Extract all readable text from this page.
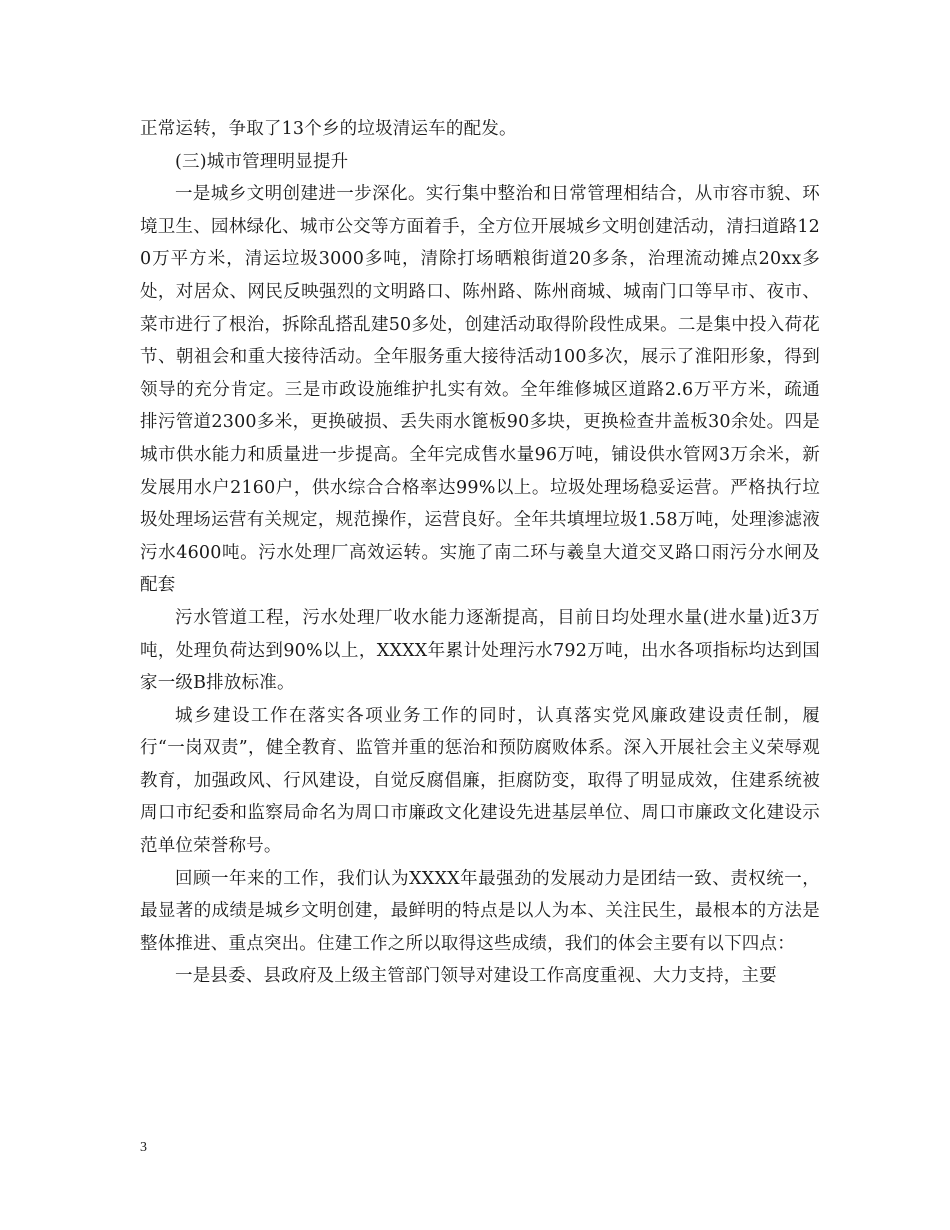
正常运转，争取了13个乡的垃圾清运车的配发。

(三)城市管理明显提升

一是城乡文明创建进一步深化。实行集中整治和日常管理相结合，从市容市貌、环境卫生、园林绿化、城市公交等方面着手，全方位开展城乡文明创建活动，清扫道路120万平方米，清运垃圾3000多吨，清除打场晒粮街道20多条，治理流动摊点20xx多处，对居众、网民反映强烈的文明路口、陈州路、陈州商城、城南门口等早市、夜市、菜市进行了根治，拆除乱搭乱建50多处，创建活动取得阶段性成果。二是集中投入荷花节、朝祖会和重大接待活动。全年服务重大接待活动100多次，展示了淮阳形象，得到领导的充分肯定。三是市政设施维护扎实有效。全年维修城区道路2.6万平方米，疏通排污管道2300多米，更换破损、丢失雨水篦板90多块，更换检查井盖板30余处。四是城市供水能力和质量进一步提高。全年完成售水量96万吨，铺设供水管网3万余米，新发展用水户2160户，供水综合合格率达99%以上。垃圾处理场稳妥运营。严格执行垃圾处理场运营有关规定，规范操作，运营良好。全年共填埋垃圾1.58万吨，处理渗滤液污水4600吨。污水处理厂高效运转。实施了南二环与羲皇大道交叉路口雨污分水闸及配套

污水管道工程，污水处理厂收水能力逐渐提高，目前日均处理水量(进水量)近3万吨，处理负荷达到90%以上，XXXX年累计处理污水792万吨，出水各项指标均达到国家一级B排放标准。

城乡建设工作在落实各项业务工作的同时，认真落实党风廉政建设责任制，履行“一岗双责”，健全教育、监管并重的惩治和预防腐败体系。深入开展社会主义荣辱观教育，加强政风、行风建设，自觉反腐倡廉，拒腐防变，取得了明显成效，住建系统被周口市纪委和监察局命名为周口市廉政文化建设先进基层单位、周口市廉政文化建设示范单位荣誉称号。

回顾一年来的工作，我们认为XXXX年最强劲的发展动力是团结一致、责权统一，最显著的成绩是城乡文明创建，最鲜明的特点是以人为本、关注民生，最根本的方法是整体推进、重点突出。住建工作之所以取得这些成绩，我们的体会主要有以下四点：

一是县委、县政府及上级主管部门领导对建设工作高度重视、大力支持，主要

3
